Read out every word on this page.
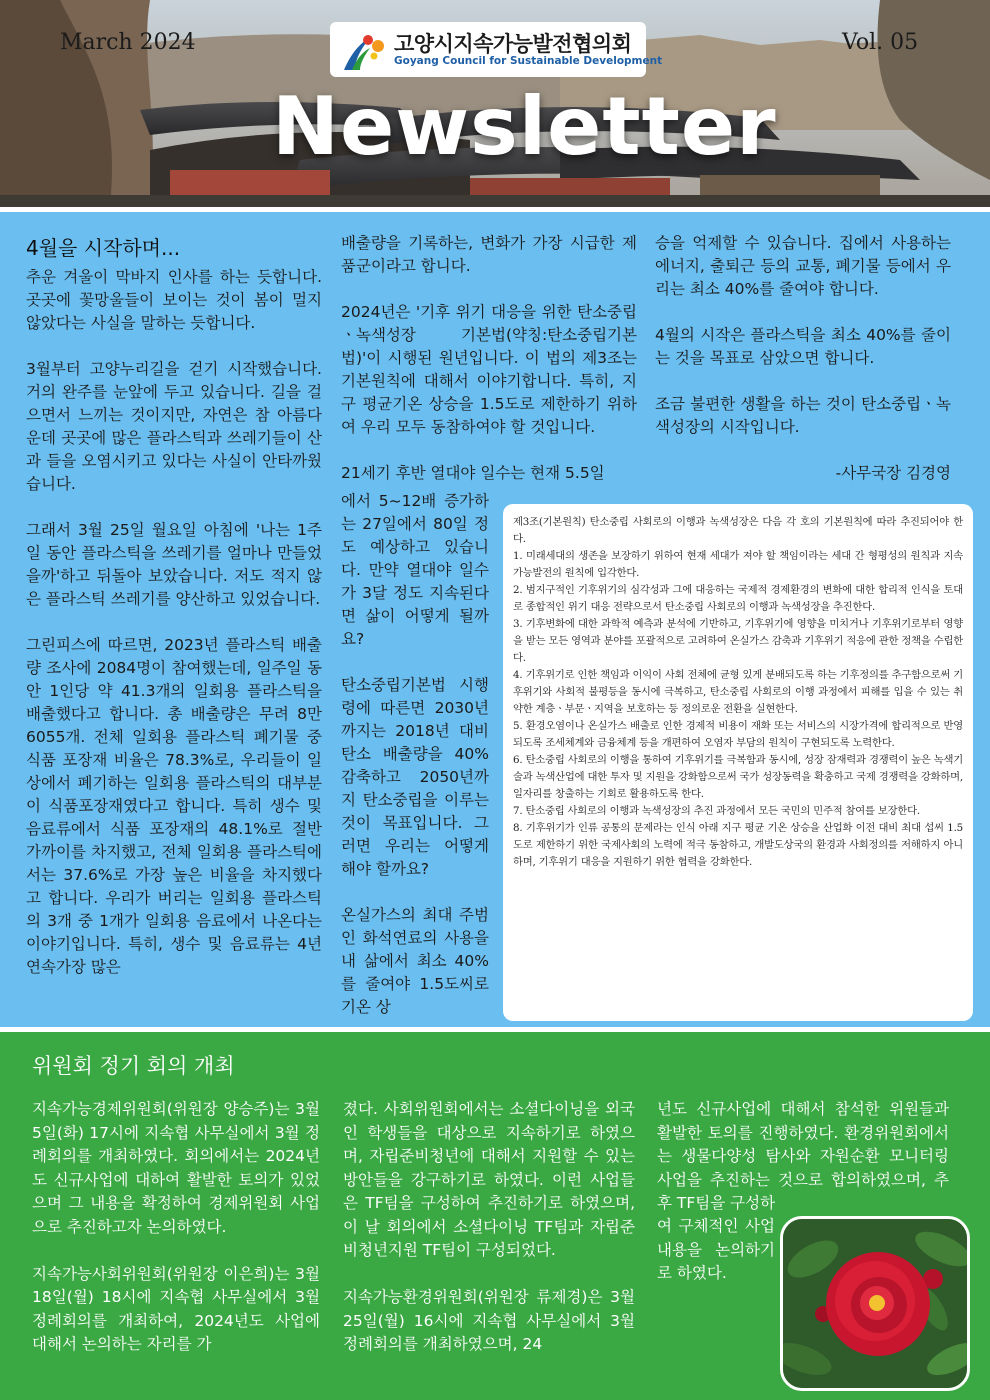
March 2024	Vol. 05
고양시지속가능발전협의회
Goyang Council for Sustainable Development
Newsletter
4월을 시작하며...

추운 겨울이 막바지 인사를 하는 듯합니다. 곳곳에 꽃망울들이 보이는 것이 봄이 멀지 않았다는 사실을 말하는 듯합니다.

3월부터 고양누리길을 걷기 시작했습니다. 거의 완주를 눈앞에 두고 있습니다. 길을 걸으면서 느끼는 것이지만, 자연은 참 아름다운데 곳곳에 많은 플라스틱과 쓰레기들이 산과 들을 오염시키고 있다는 사실이 안타까웠습니다.

그래서 3월 25일 월요일 아침에 '나는 1주일 동안 플라스틱을 쓰레기를 얼마나 만들었을까'하고 뒤돌아 보았습니다. 저도 적지 않은 플라스틱 쓰레기를 양산하고 있었습니다.

그린피스에 따르면, 2023년 플라스틱 배출량 조사에 2084명이 참여했는데, 일주일 동안 1인당 약 41.3개의 일회용 플라스틱을 배출했다고 합니다. 총 배출량은 무려 8만 6055개. 전체 일회용 플라스틱 폐기물 중 식품 포장재 비율은 78.3%로, 우리들이 일상에서 폐기하는 일회용 플라스틱의 대부분이 식품포장재였다고 합니다. 특히 생수 및 음료류에서 식품 포장재의 48.1%로 절반 가까이를 차지했고, 전체 일회용 플라스틱에서는 37.6%로 가장 높은 비율을 차지했다고 합니다. 우리가 버리는 일회용 플라스틱의 3개 중 1개가 일회용 음료에서 나온다는 이야기입니다. 특히, 생수 및 음료류는 4년 연속가장 많은

배출량을 기록하는, 변화가 가장 시급한 제품군이라고 합니다.

2024년은 '기후 위기 대응을 위한 탄소중립ㆍ녹색성장 기본법(약칭:탄소중립기본법)'이 시행된 원년입니다. 이 법의 제3조는 기본원칙에 대해서 이야기합니다. 특히, 지구 평균기온 상승을 1.5도로 제한하기 위하여 우리 모두 동참하여야 할 것입니다.

21세기 후반 열대야 일수는 현재 5.5일

에서 5~12배 증가하는 27일에서 80일 정도 예상하고 있습니다. 만약 열대야 일수가 3달 정도 지속된다면 삶이 어떻게 될까요?

탄소중립기본법 시행령에 따른면 2030년까지는 2018년 대비 탄소 배출량을 40% 감축하고 2050년까지 탄소중립을 이루는 것이 목표입니다. 그러면 우리는 어떻게 해야 할까요?

온실가스의 최대 주범인 화석연료의 사용을 내 삶에서 최소 40%를 줄여야 1.5도씨로 기온 상

승을 억제할 수 있습니다. 집에서 사용하는 에너지, 출퇴근 등의 교통, 폐기물 등에서 우리는 최소 40%를 줄여야 합니다.

4월의 시작은 플라스틱을 최소 40%를 줄이는 것을 목표로 삼았으면 합니다.

조금 불편한 생활을 하는 것이 탄소중립ㆍ녹색성장의 시작입니다.

-사무국장 김경영

제3조(기본원칙) 탄소중립 사회로의 이행과 녹색성장은 다음 각 호의 기본원칙에 따라 추진되어야 한다.
1. 미래세대의 생존을 보장하기 위하여 현재 세대가 져야 할 책임이라는 세대 간 형평성의 원칙과 지속가능발전의 원칙에 입각한다.
2. 범지구적인 기후위기의 심각성과 그에 대응하는 국제적 경제환경의 변화에 대한 합리적 인식을 토대로 종합적인 위기 대응 전략으로서 탄소중립 사회로의 이행과 녹색성장을 추진한다.
3. 기후변화에 대한 과학적 예측과 분석에 기반하고, 기후위기에 영향을 미치거나 기후위기로부터 영향을 받는 모든 영역과 분야를 포괄적으로 고려하여 온실가스 감축과 기후위기 적응에 관한 정책을 수립한다.
4. 기후위기로 인한 책임과 이익이 사회 전체에 균형 있게 분배되도록 하는 기후정의를 추구함으로써 기후위기와 사회적 불평등을 동시에 극복하고, 탄소중립 사회로의 이행 과정에서 피해를 입을 수 있는 취약한 계층ㆍ부문ㆍ지역을 보호하는 등 정의로운 전환을 실현한다.
5. 환경오염이나 온실가스 배출로 인한 경제적 비용이 재화 또는 서비스의 시장가격에 합리적으로 반영되도록 조세체계와 금융체계 등을 개편하여 오염자 부담의 원칙이 구현되도록 노력한다.
6. 탄소중립 사회로의 이행을 통하여 기후위기를 극복함과 동시에, 성장 잠재력과 경쟁력이 높은 녹색기술과 녹색산업에 대한 투자 및 지원을 강화함으로써 국가 성장동력을 확충하고 국제 경쟁력을 강화하며, 일자리를 창출하는 기회로 활용하도록 한다.
7. 탄소중립 사회로의 이행과 녹색성장의 추진 과정에서 모든 국민의 민주적 참여를 보장한다.
8. 기후위기가 인류 공통의 문제라는 인식 아래 지구 평균 기온 상승을 산업화 이전 대비 최대 섭씨 1.5도로 제한하기 위한 국제사회의 노력에 적극 동참하고, 개발도상국의 환경과 사회정의를 저해하지 아니하며, 기후위기 대응을 지원하기 위한 협력을 강화한다.
위원회 정기 회의 개최

지속가능경제위원회(위원장 양승주)는 3월 5일(화) 17시에 지속협 사무실에서 3월 정례회의를 개최하였다. 회의에서는 2024년도 신규사업에 대하여 활발한 토의가 있었으며 그 내용을 확정하여 경제위원회 사업으로 추진하고자 논의하였다.

지속가능사회위원회(위원장 이은희)는 3월 18일(월) 18시에 지속협 사무실에서 3월 정례회의를 개최하여, 2024년도 사업에 대해서 논의하는 자리를 가

졌다. 사회위원회에서는 소셜다이닝을 외국인 학생들을 대상으로 지속하기로 하였으며, 자립준비청년에 대해서 지원할 수 있는 방안들을 강구하기로 하였다. 이런 사업들은 TF팀을 구성하여 추진하기로 하였으며, 이 날 회의에서 소셜다이닝 TF팀과 자립준비청년지원 TF팀이 구성되었다.

지속가능환경위원회(위원장 류제경)은 3월 25일(월) 16시에 지속협 사무실에서 3월 정례회의를 개최하였으며, 24

년도 신규사업에 대해서 참석한 위원들과 활발한 토의를 진행하였다. 환경위원회에서는 생물다양성 탐사와 자원순환 모니터링 사업을 추진하는 것으로 합의하였으며, 추후 TF팀을 구성하
여 구체적인 사업내용을 논의하기로 하였다.
